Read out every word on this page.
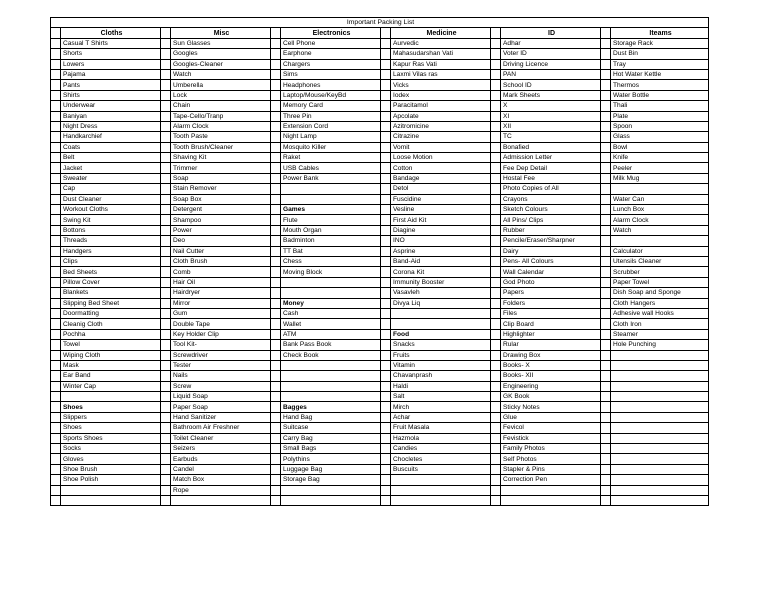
Important Packing List											
	Cloths		Misc		Electronics		Medicine		ID		Iteams
	Casual T Shirts		Sun Glasses		Cell Phone		Aurvedic		Adhar		Storage Rack
	Shorts		Googles		Earphone		Mahasudarshan Vati		Voter ID		Dust Bin
	Lowers		Googles-Cleaner		Chargers		Kapur Ras Vati		Driving Licence		Tray
	Pajama		Watch		Sims		Laxmi Vilas ras		PAN		Hot Water Kettle
	Pants		Umberella		Headphones		Vicks		School ID		Thermos
	Shirts		Lock		Laptop/Mouse/KeyBd		Iodex		Mark Sheets		Water Bottle
	Underwear		Chain		Memory Card		Paracitamol		X		Thali
	Baniyan		Tape-Cello/Tranp		Three Pin		Apcolate		XI		Plate
	Night Dress		Alarm Clock		Extension Cord		Azitromicine		XII		Spoon
	Handkarchief		Tooth Paste		Night Lamp		Citrazine		TC		Glass
	Coats		Tooth Brush/Cleaner		Mosquito Killer		Vomit		Bonafied		Bowl
	Belt		Shaving Kit		Raket		Loose Motion		Admission Letter		Knife
	Jacket		Trimmer		USB Cables		Cotton		Fee Dep Detail		Peeler
	Sweater		Soap		Power Bank		Bandage		Hostal Fee		Milk Mug
	Cap		Stain Remover				Detol		Photo Copies of All		
	Dust Cleaner		Soap Box				Fuscidine		Crayons		Water Can
	Workout Cloths		Detergent		Games		Vesline		Sketch Colours		Lunch Box
	Swing Kit		Shampoo		Flute		First Aid Kit		All Pins/ Clips		Alarm Clock
	Bottons		Power		Mouth Organ		Diagine		Rubber		Watch
	Threads		Deo		Badminton		INO		Pencile/Eraser/Sharpner		
	Handgers		Nail Cutter		TT Bat		Asprine		Dairy		Calculator
	Clips		Cloth Brush		Chess		Band-Aid		Pens- All Colours		Utensils Cleaner
	Bed Sheets		Comb		Moving Block		Corona Kit		Wall Calendar		Scrubber
	Pillow Cover		Hair Oil				Immunity Booster		God Photo		Paper Towel
	Blankets		Hairdryer				Vasavleh		Papers		Dish Soap and Sponge
	Slipping Bed Sheet		Mirror		Money		Divya Liq		Folders		Cloth Hangers
	Doormatting		Gum		Cash				Files		Adhesive wall Hooks
	Cleanig Cloth		Double Tape		Wallet				Clip Board		Cloth Iron
	Pochha		Key Holder Clip		ATM		Food		Highlighter		Steamer
	Towel		Tool Kit-		Bank Pass Book		Snacks		Rular		Hole Punching
	Wiping Cloth		Screwdriver		Check Book		Fruits		Drawing Box		
	Mask		Tester				Vitamin		Books- X		
	Ear Band		Nails				Chavanprash		Books- XII		
	Winter Cap		Screw				Haldi		Engineering		
			Liquid Soap				Salt		GK Book		
	Shoes		Paper Soap		Bagges		Mirch		Sticky Notes		
	Slippers		Hand Sanitizer		Hand Bag		Achar		Glue		
	Shoes		Bathroom Air Freshner		Suitcase		Fruit Masala		Fevicol		
	Sports Shoes		Toilet Cleaner		Carry Bag		Hazmola		Fevistick		
	Socks		Seizers		Small Bags		Candies		Family Photos		
	Gloves		Earbuds		Polythins		Chocletes		Self Photos		
	Shoe Brush		Candel		Luggage Bag		Buscuits		Stapler & Pins		
	Shoe Polish		Match Box		Storage Bag				Correction Pen		
			Rope								
